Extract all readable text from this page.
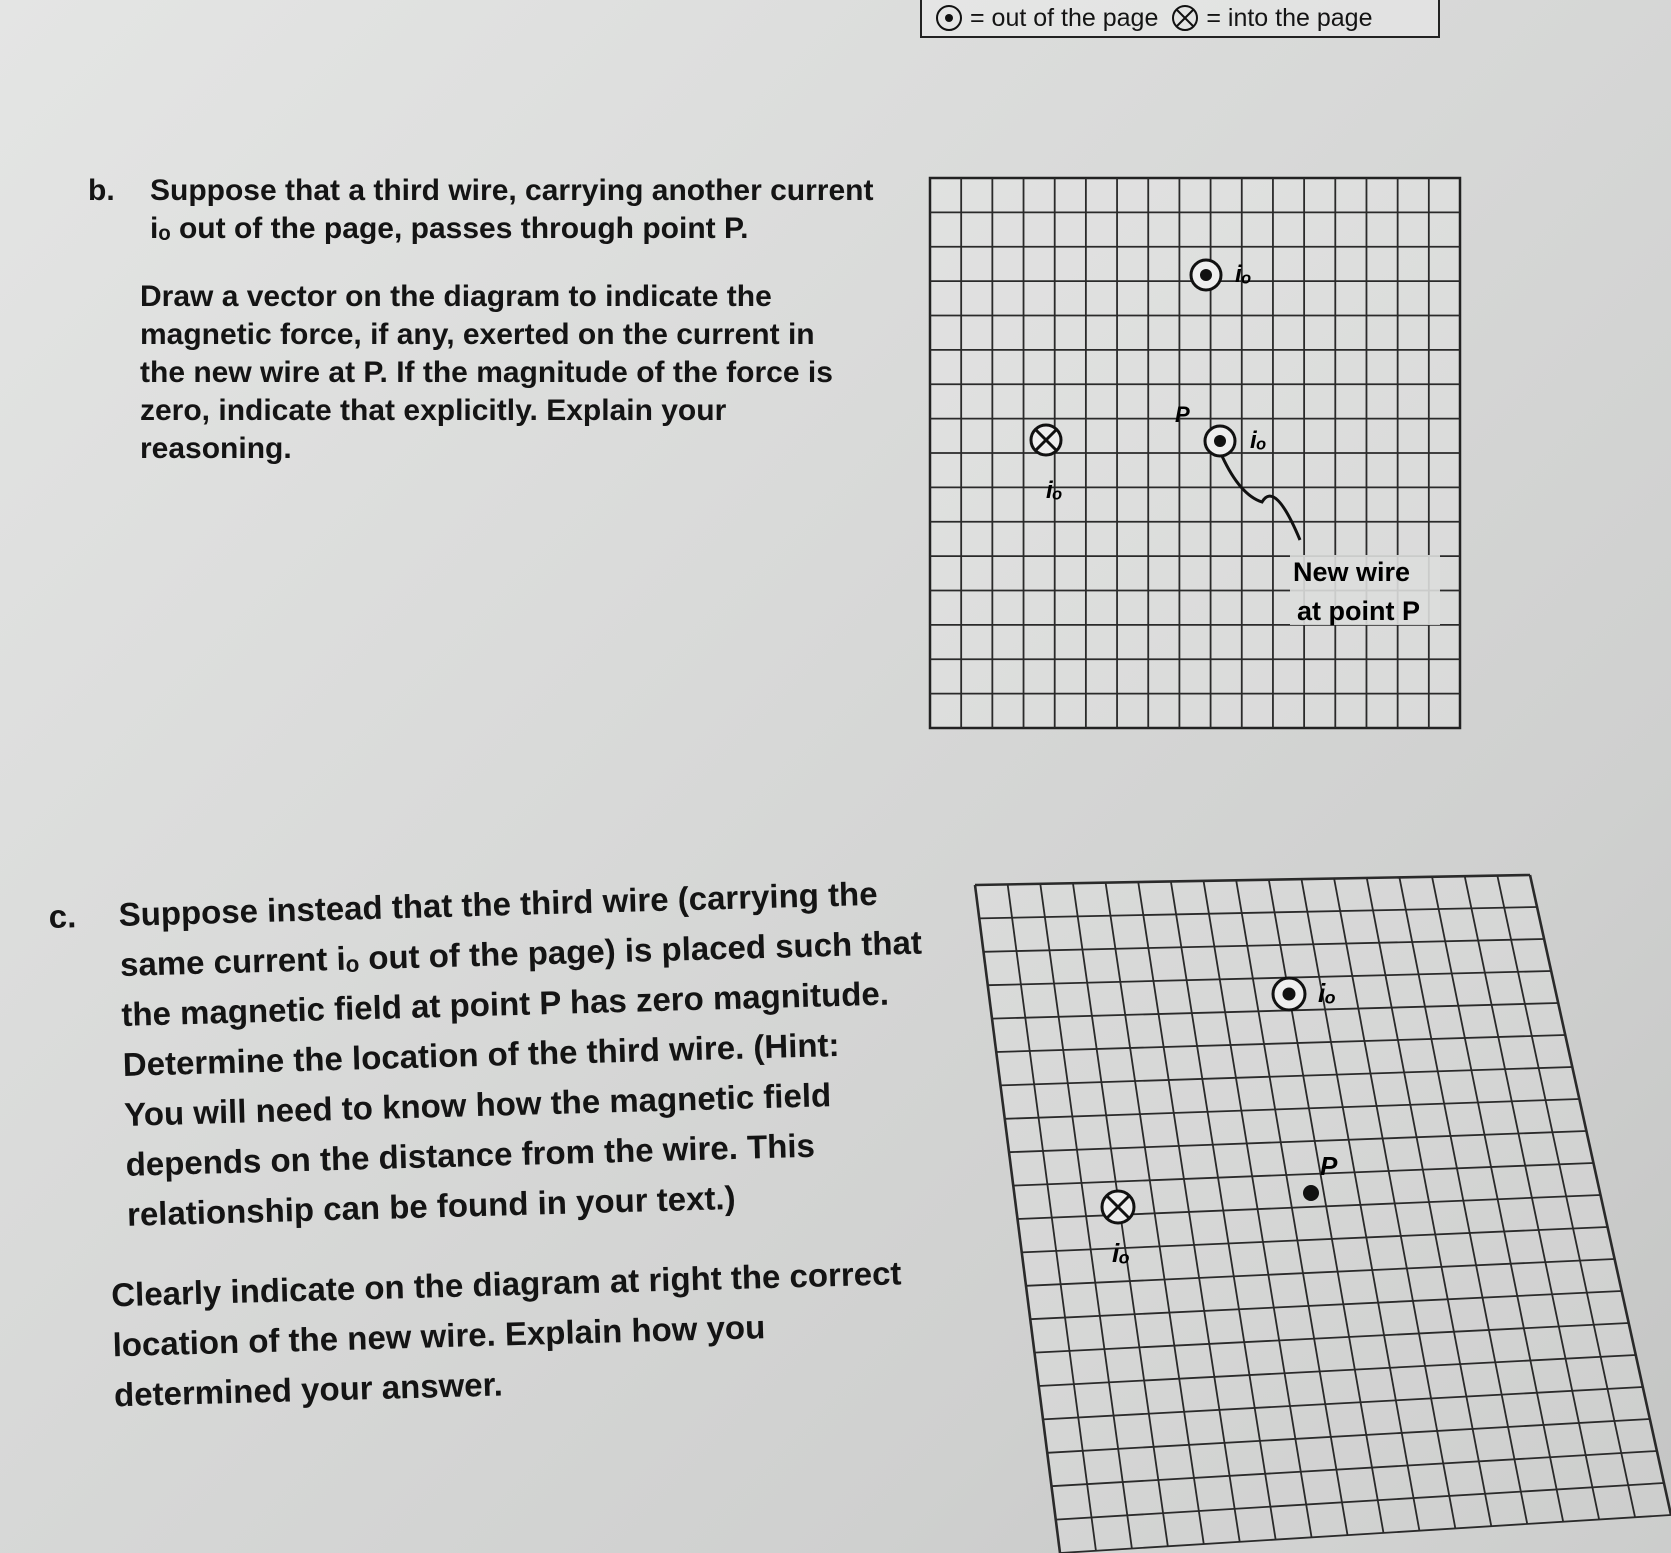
= out of the page = into the page
b. Suppose that a third wire, carrying another current

iₒ out of the page, passes through point P.

Draw a vector on the diagram to indicate the

magnetic force, if any, exerted on the current in

the new wire at P. If the magnitude of the force is

zero, indicate that explicitly. Explain your

reasoning.

c. Suppose instead that the third wire (carrying the

same current iₒ out of the page) is placed such that

the magnetic field at point P has zero magnitude.

Determine the location of the third wire. (Hint:

You will need to know how the magnetic field

depends on the distance from the wire. This

relationship can be found in your text.)

Clearly indicate on the diagram at right the correct

location of the new wire. Explain how you

determined your answer.

iₒ
iₒ
P
iₒ
New wire
at point P
iₒ
iₒ
P
